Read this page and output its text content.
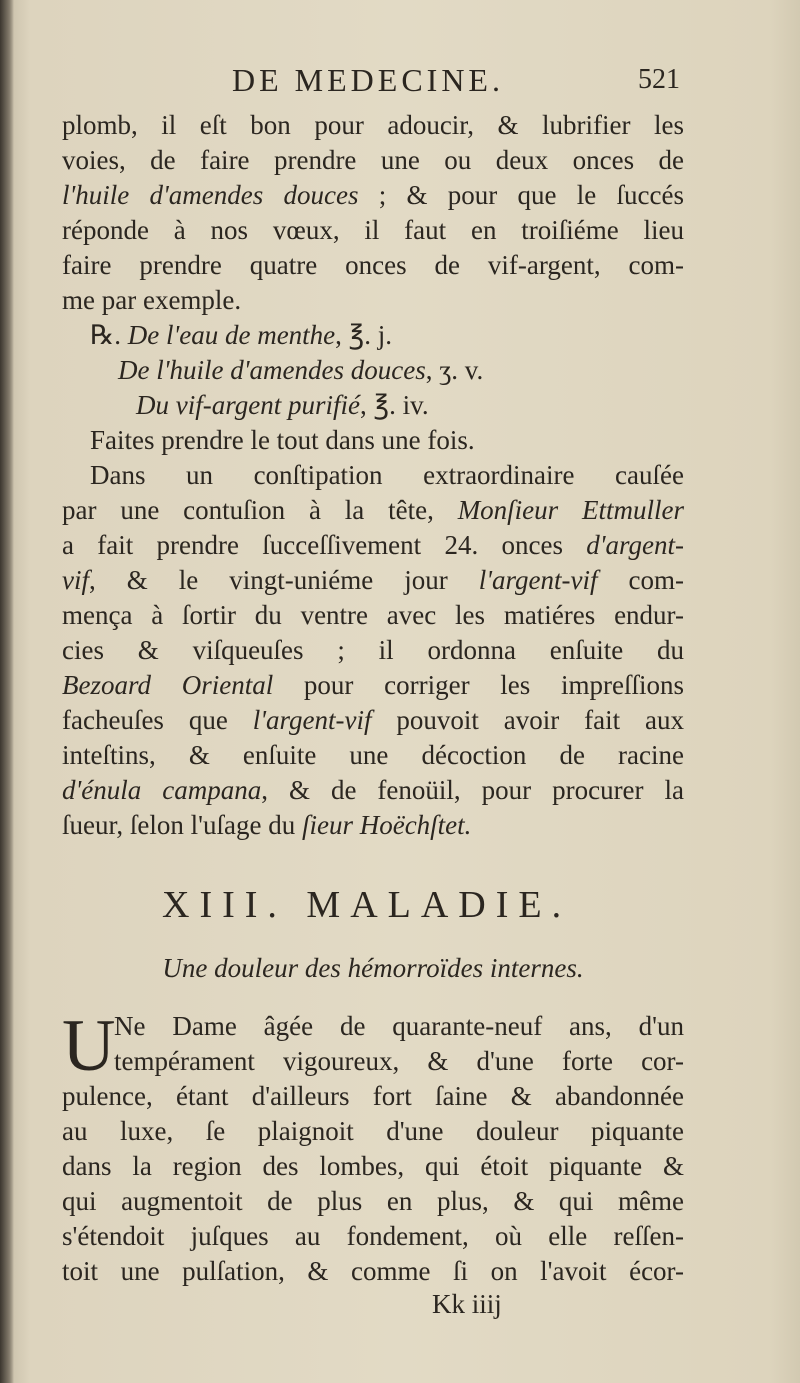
DE MEDECINE.	521
plomb, il eſt bon pour adoucir, & lubrifier les
voies, de faire prendre une ou deux onces de
l'huile d'amendes douces ; & pour que le ſuccés
réponde à nos vœux, il faut en troiſiéme lieu
faire prendre quatre onces de vif-argent, com-
me par exemple.
℞. De l'eau de menthe, ℥. j.
De l'huile d'amendes douces, ʒ. v.
Du vif-argent purifié, ℥. iv.
Faites prendre le tout dans une fois.
Dans un conſtipation extraordinaire cauſée
par une contuſion à la tête, Monſieur Ettmuller
a fait prendre ſucceſſivement 24. onces d'argent-
vif, & le vingt-uniéme jour l'argent-vif com-
mença à ſortir du ventre avec les matiéres endur-
cies & viſqueuſes ; il ordonna enſuite du
Bezoard Oriental pour corriger les impreſſions
facheuſes que l'argent-vif pouvoit avoir fait aux
inteſtins, & enſuite une décoction de racine
d'énula campana, & de fenoüil, pour procurer la
ſueur, ſelon l'uſage du ſieur Hoëchſtet.
XIII. MALADIE.
Une douleur des hémorroïdes internes.
U
Ne Dame âgée de quarante-neuf ans, d'un
tempérament vigoureux, & d'une forte cor-
pulence, étant d'ailleurs fort ſaine & abandonnée
au luxe, ſe plaignoit d'une douleur piquante
dans la region des lombes, qui étoit piquante &
qui augmentoit de plus en plus, & qui même
s'étendoit juſques au fondement, où elle reſſen-
toit une pulſation, & comme ſi on l'avoit écor-
Kk iiij
